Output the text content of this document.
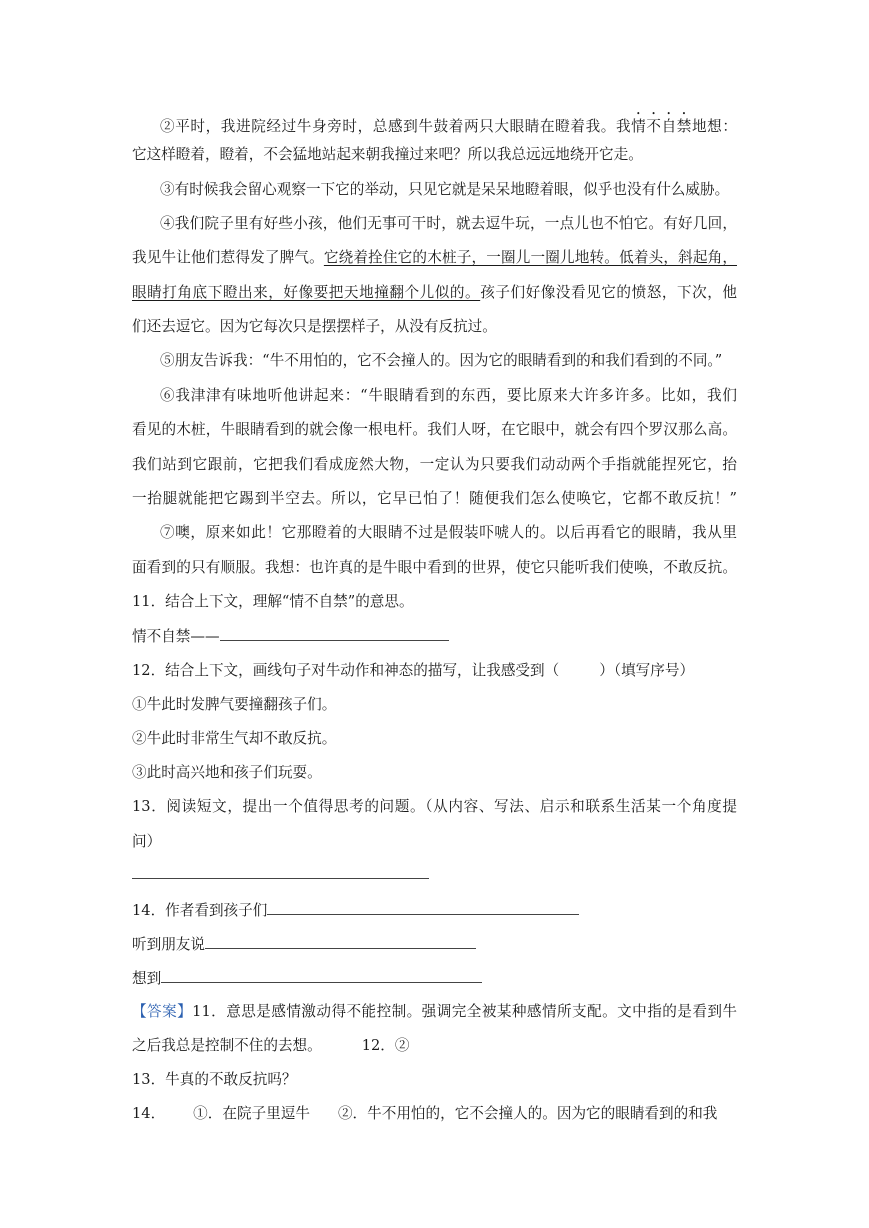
②平时，我进院经过牛身旁时，总感到牛鼓着两只大眼睛在瞪着我。我情不自禁地想：
它这样瞪着，瞪着，不会猛地站起来朝我撞过来吧？所以我总远远地绕开它走。
③有时候我会留心观察一下它的举动，只见它就是呆呆地瞪着眼，似乎也没有什么威胁。
④我们院子里有好些小孩，他们无事可干时，就去逗牛玩，一点儿也不怕它。有好几回，
我见牛让他们惹得发了脾气。它绕着拴住它的木桩子，一圈儿一圈儿地转。低着头，斜起角，
眼睛打角底下瞪出来，好像要把天地撞翻个儿似的。孩子们好像没看见它的愤怒，下次，他
们还去逗它。因为它每次只是摆摆样子，从没有反抗过。
⑤朋友告诉我：“牛不用怕的，它不会撞人的。因为它的眼睛看到的和我们看到的不同。”
⑥我津津有味地听他讲起来：“牛眼睛看到的东西，要比原来大许多许多。比如，我们
看见的木桩，牛眼睛看到的就会像一根电杆。我们人呀，在它眼中，就会有四个罗汉那么高。
我们站到它跟前，它把我们看成庞然大物，一定认为只要我们动动两个手指就能捏死它，抬
一抬腿就能把它踢到半空去。所以，它早已怕了！随便我们怎么使唤它，它都不敢反抗！”
⑦噢，原来如此！它那瞪着的大眼睛不过是假装吓唬人的。以后再看它的眼睛，我从里
面看到的只有顺服。我想：也许真的是牛眼中看到的世界，使它只能听我们使唤，不敢反抗。
11．结合上下文，理解“情不自禁”的意思。
情不自禁——
12．结合上下文，画线句子对牛动作和神态的描写，让我感受到（	）（填写序号）
①牛此时发脾气要撞翻孩子们。
②牛此时非常生气却不敢反抗。
③此时高兴地和孩子们玩耍。
13．阅读短文，提出一个值得思考的问题。（从内容、写法、启示和联系生活某一个角度提
问）
14．作者看到孩子们
听到朋友说
想到
【答案】11．意思是感情激动得不能控制。强调完全被某种感情所支配。文中指的是看到牛
之后我总是控制不住的去想。	12．②
13．牛真的不敢反抗吗？
14． ①．在院子里逗牛 ②．牛不用怕的，它不会撞人的。因为它的眼睛看到的和我
